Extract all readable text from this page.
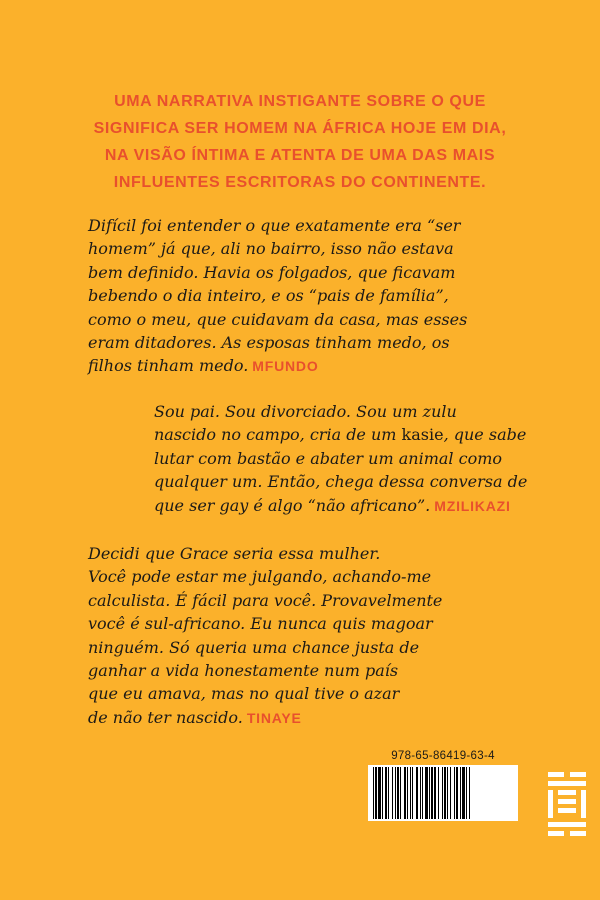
UMA NARRATIVA INSTIGANTE SOBRE O QUE
SIGNIFICA SER HOMEM NA ÁFRICA HOJE EM DIA,
NA VISÃO ÍNTIMA E ATENTA DE UMA DAS MAIS
INFLUENTES ESCRITORAS DO CONTINENTE.
Difícil foi entender o que exatamente era “ser
homem” já que, ali no bairro, isso não estava
bem definido. Havia os folgados, que ficavam
bebendo o dia inteiro, e os “pais de família”,
como o meu, que cuidavam da casa, mas esses
eram ditadores. As esposas tinham medo, os
filhos tinham medo. MFUNDO
Sou pai. Sou divorciado. Sou um zulu
nascido no campo, cria de um kasie, que sabe
lutar com bastão e abater um animal como
qualquer um. Então, chega dessa conversa de
que ser gay é algo “não africano”. MZILIKAZI
Decidi que Grace seria essa mulher.
Você pode estar me julgando, achando-me
calculista. É fácil para você. Provavelmente
você é sul-africano. Eu nunca quis magoar
ninguém. Só queria uma chance justa de
ganhar a vida honestamente num país
que eu amava, mas no qual tive o azar
de não ter nascido. TINAYE
978-65-86419-63-4
